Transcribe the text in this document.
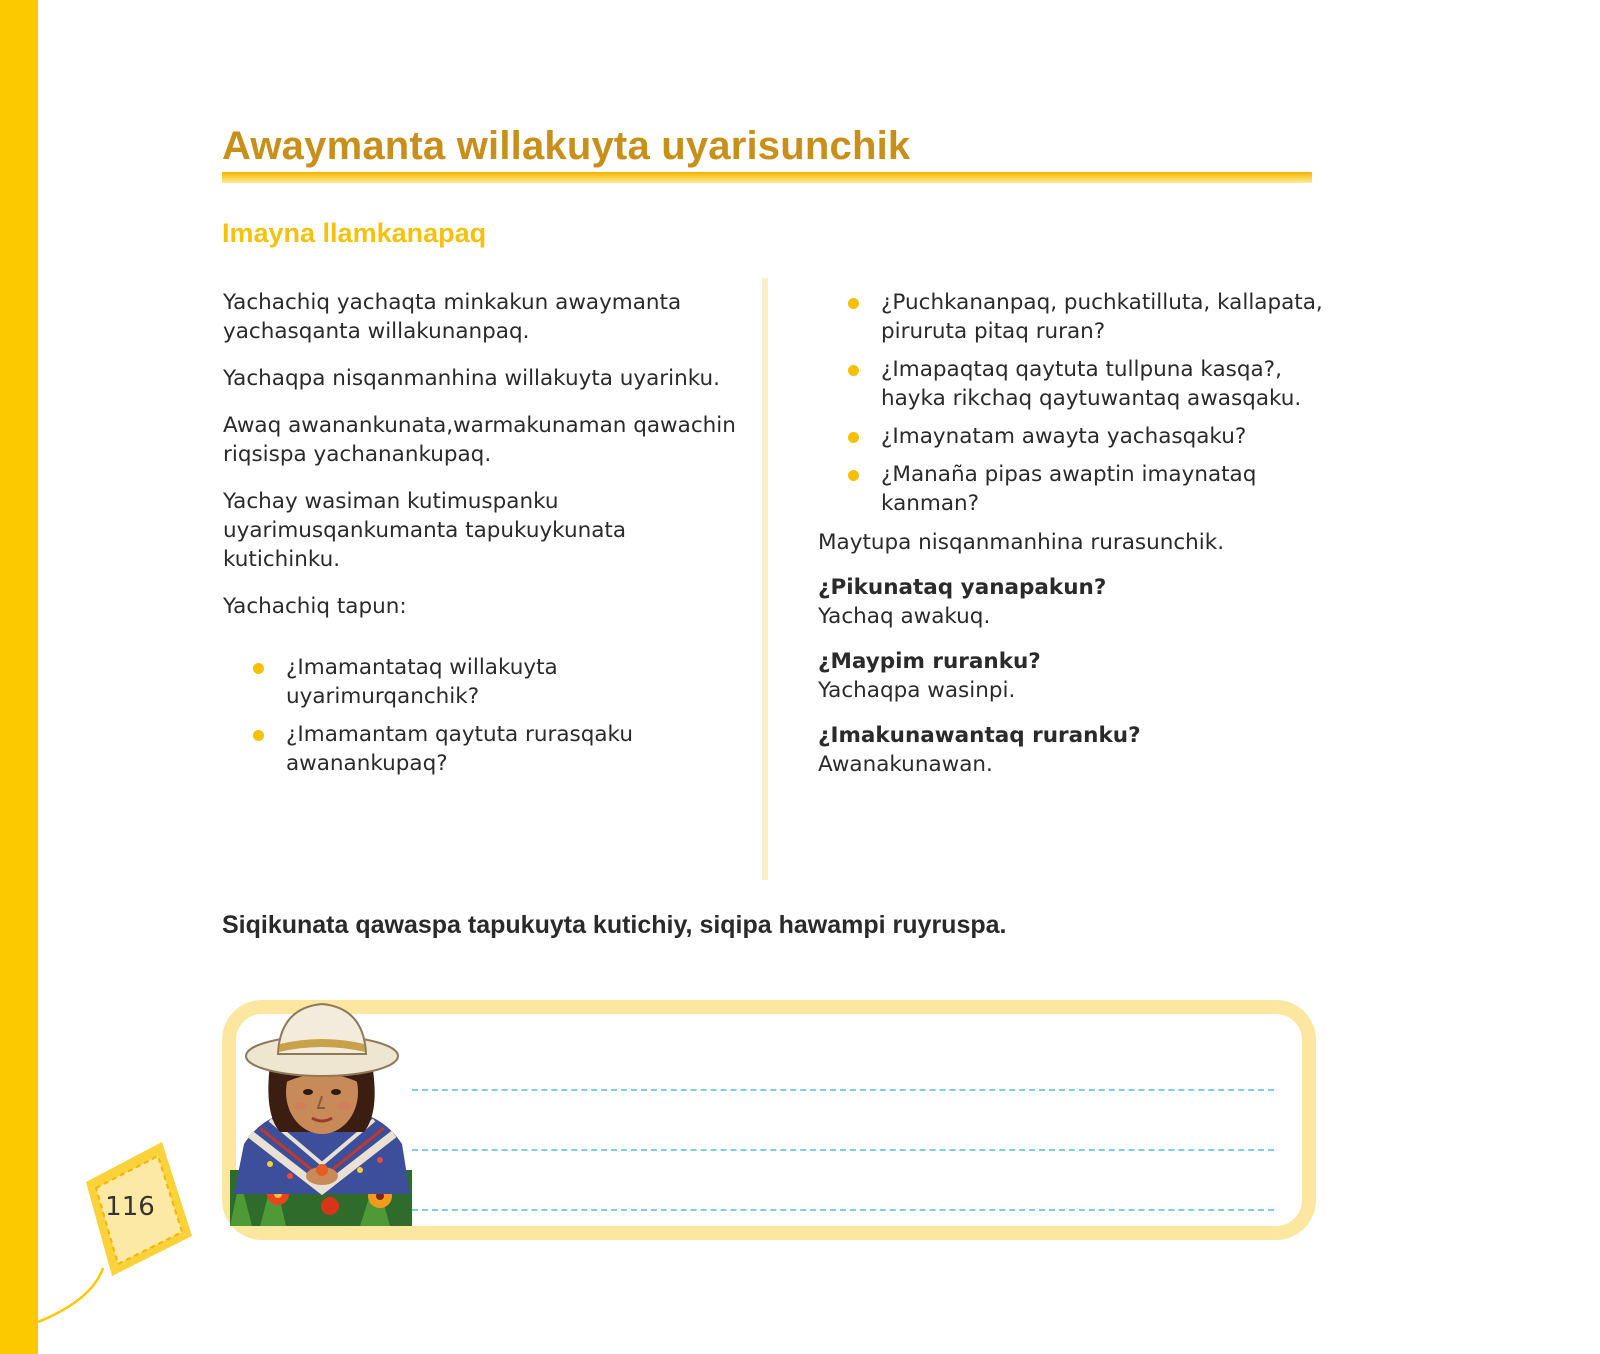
Awaymanta willakuyta uyarisunchik
Imayna llamkanapaq

Yachachiq yachaqta minkakun awaymanta yachasqanta willakunanpaq.

Yachaqpa nisqanmanhina willakuyta uyarinku.

Awaq awanankunata,warmakunaman qawachin riqsispa yachanankupaq.

Yachay wasiman kutimuspanku uyarimusqankumanta tapukuykunata kutichinku.

Yachachiq tapun:

¿Imamantataq willakuyta uyarimurqanchik?
¿Imamantam qaytuta rurasqaku awanankupaq?
¿Puchkananpaq, puchkatilluta, kallapata, piruruta pitaq ruran?
¿Imapaqtaq qaytuta tullpuna kasqa?, hayka rikchaq qaytuwantaq awasqaku.
¿Imaynatam awayta yachasqaku?
¿Manaña pipas awaptin imaynataq kanman?

Maytupa nisqanmanhina rurasunchik.

¿Pikunataq yanapakun?

Yachaq awakuq.

¿Maypim ruranku?

Yachaqpa wasinpi.

¿Imakunawantaq ruranku?

Awanakunawan.

Siqikunata qawaspa tapukuyta kutichiy, siqipa hawampi ruyruspa.

116
